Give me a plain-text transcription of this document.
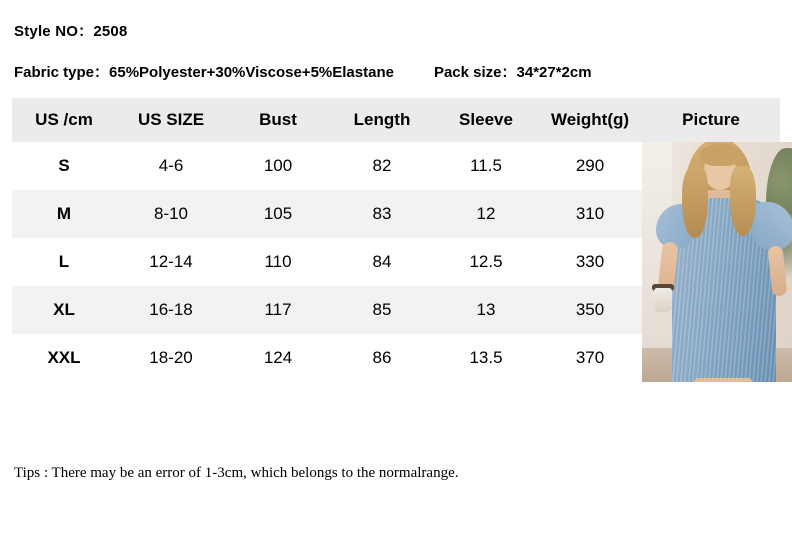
Style NO：2508
Fabric type：65%Polyester+30%Viscose+5%Elastane	Pack size：34*27*2cm
US /cm	US SIZE	Bust	Length	Sleeve	Weight(g)	Picture
S	4-6	100	82	11.5	290	

M	8-10	105	83	12	310	
L	12-14	110	84	12.5	330	
XL	16-18	117	85	13	350	
XXL	18-20	124	86	13.5	370	
Tips : There may be an error of 1-3cm, which belongs to the normalrange.
